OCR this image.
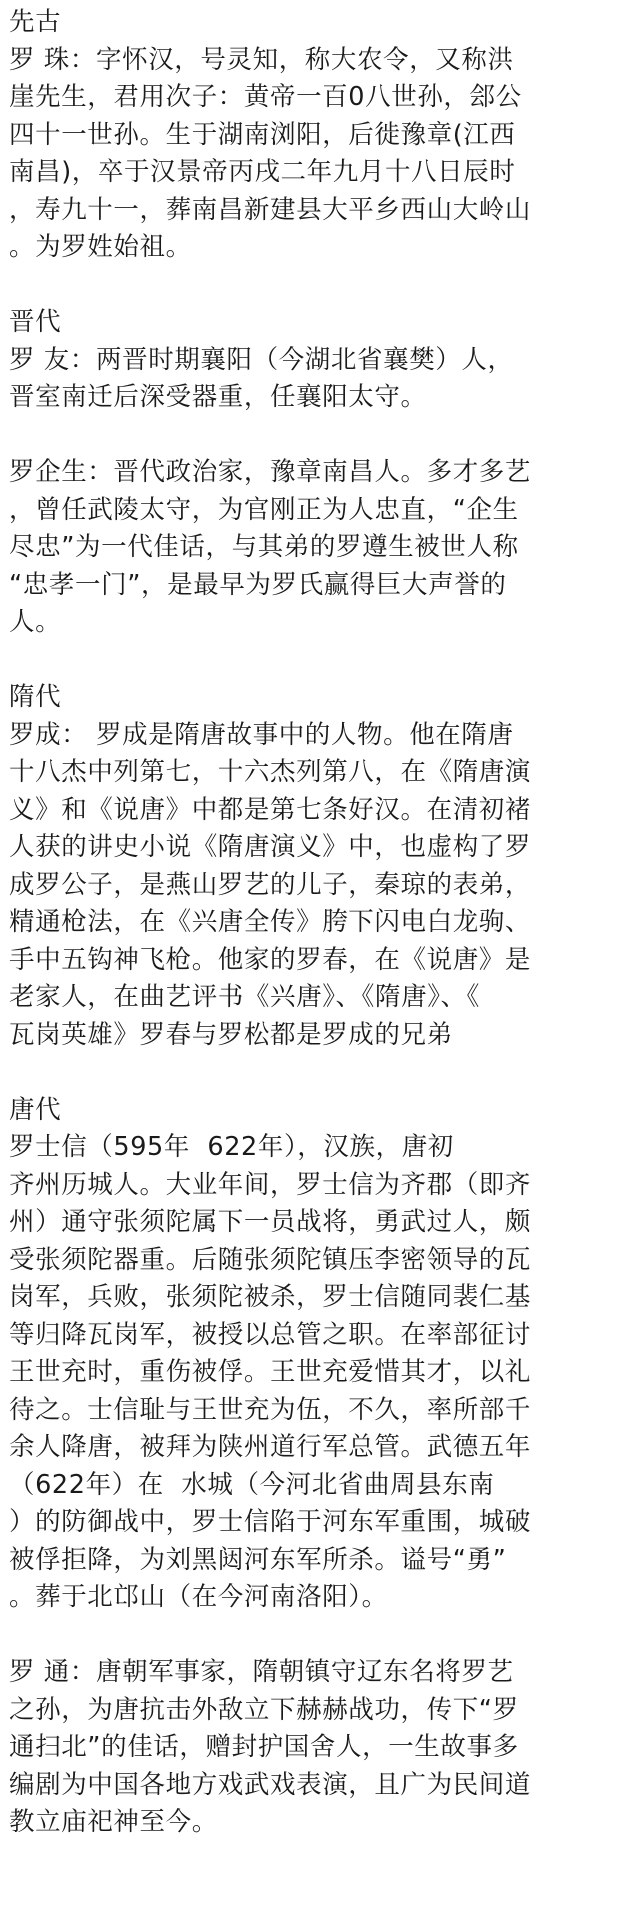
先古
罗 珠：字怀汉，号灵知，称大农令，又称洪
崖先生，君用次子：黄帝一百0八世孙，郐公
四十一世孙。生于湖南浏阳，后徙豫章(江西
南昌)，卒于汉景帝丙戌二年九月十八日辰时
，寿九十一，葬南昌新建县大平乡西山大岭山
。为罗姓始祖。
晋代
罗 友：两晋时期襄阳（今湖北省襄樊）人，
晋室南迁后深受器重，任襄阳太守。
罗企生：晋代政治家，豫章南昌人。多才多艺
，曾任武陵太守，为官刚正为人忠直，“企生
尽忠”为一代佳话，与其弟的罗遵生被世人称
“忠孝一门”，是最早为罗氏赢得巨大声誉的
人。
隋代
罗成： 罗成是隋唐故事中的人物。他在隋唐
十八杰中列第七，十六杰列第八，在《隋唐演
义》和《说唐》中都是第七条好汉。在清初褚
人获的讲史小说《隋唐演义》中，也虚构了罗
成罗公子，是燕山罗艺的儿子，秦琼的表弟，
精通枪法，在《兴唐全传》胯下闪电白龙驹、
手中五钩神飞枪。他家的罗春，在《说唐》是
老家人，在曲艺评书《兴唐》、《隋唐》、《
瓦岗英雄》罗春与罗松都是罗成的兄弟
唐代
罗士信（595年  622年），汉族，唐初
齐州历城人。大业年间，罗士信为齐郡（即齐
州）通守张须陀属下一员战将，勇武过人，颇
受张须陀器重。后随张须陀镇压李密领导的瓦
岗军，兵败，张须陀被杀，罗士信随同裴仁基
等归降瓦岗军，被授以总管之职。在率部征讨
王世充时，重伤被俘。王世充爱惜其才，以礼
待之。士信耻与王世充为伍，不久，率所部千
余人降唐，被拜为陕州道行军总管。武德五年
（622年）在  水城（今河北省曲周县东南
）的防御战中，罗士信陷于河东军重围，城破
被俘拒降，为刘黑闼河东军所杀。谥号“勇”
。葬于北邙山（在今河南洛阳）。
罗 通：唐朝军事家，隋朝镇守辽东名将罗艺
之孙，为唐抗击外敌立下赫赫战功，传下“罗
通扫北”的佳话，赠封护国舍人，一生故事多
编剧为中国各地方戏武戏表演，且广为民间道
教立庙祀神至今。
